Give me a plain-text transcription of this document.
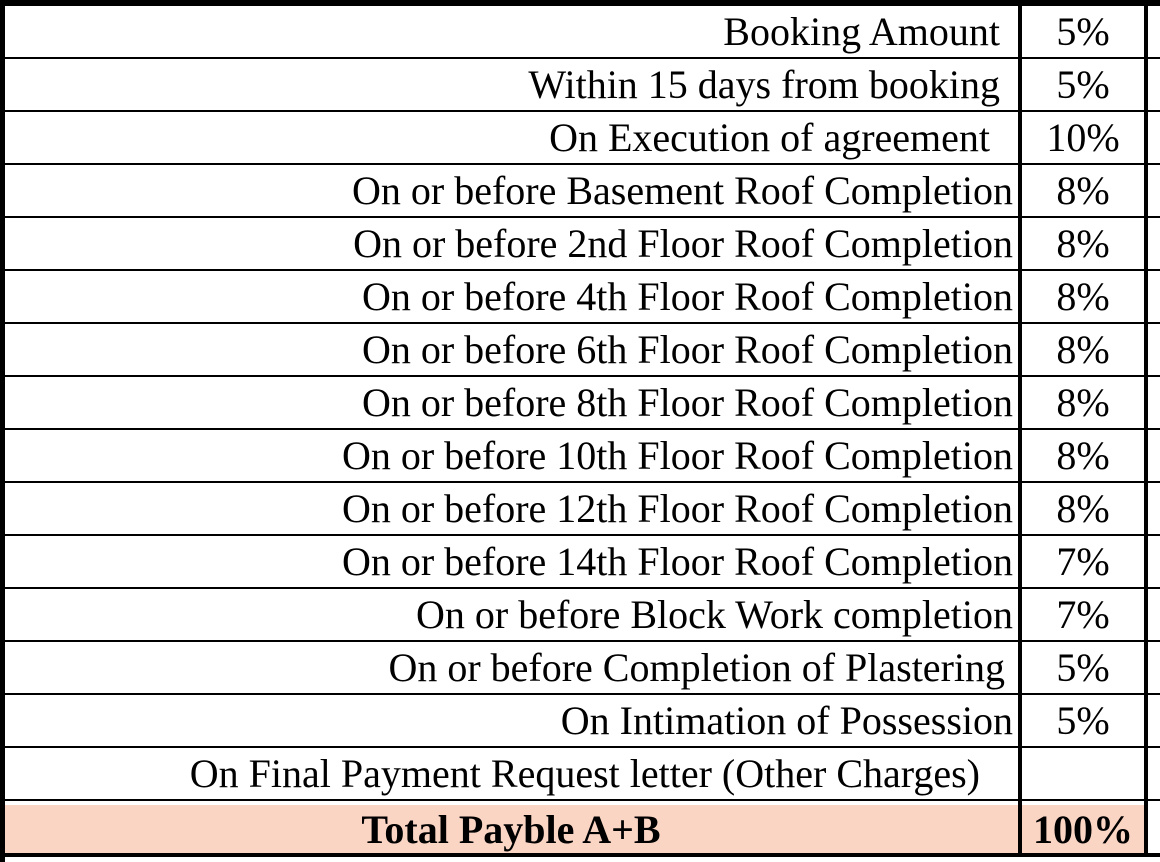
Booking Amount	5%
Within 15 days from booking	5%
On Execution of agreement	10%
On or before Basement Roof Completion	8%
On or before 2nd Floor Roof Completion	8%
On or before 4th Floor Roof Completion	8%
On or before 6th Floor Roof Completion	8%
On or before 8th Floor Roof Completion	8%
On or before 10th Floor Roof Completion	8%
On or before 12th Floor Roof Completion	8%
On or before 14th Floor Roof Completion	7%
On or before Block Work completion	7%
On or before Completion of Plastering	5%
On Intimation of Possession	5%
On Final Payment Request letter (Other Charges)
Total Payble A+B	100%
